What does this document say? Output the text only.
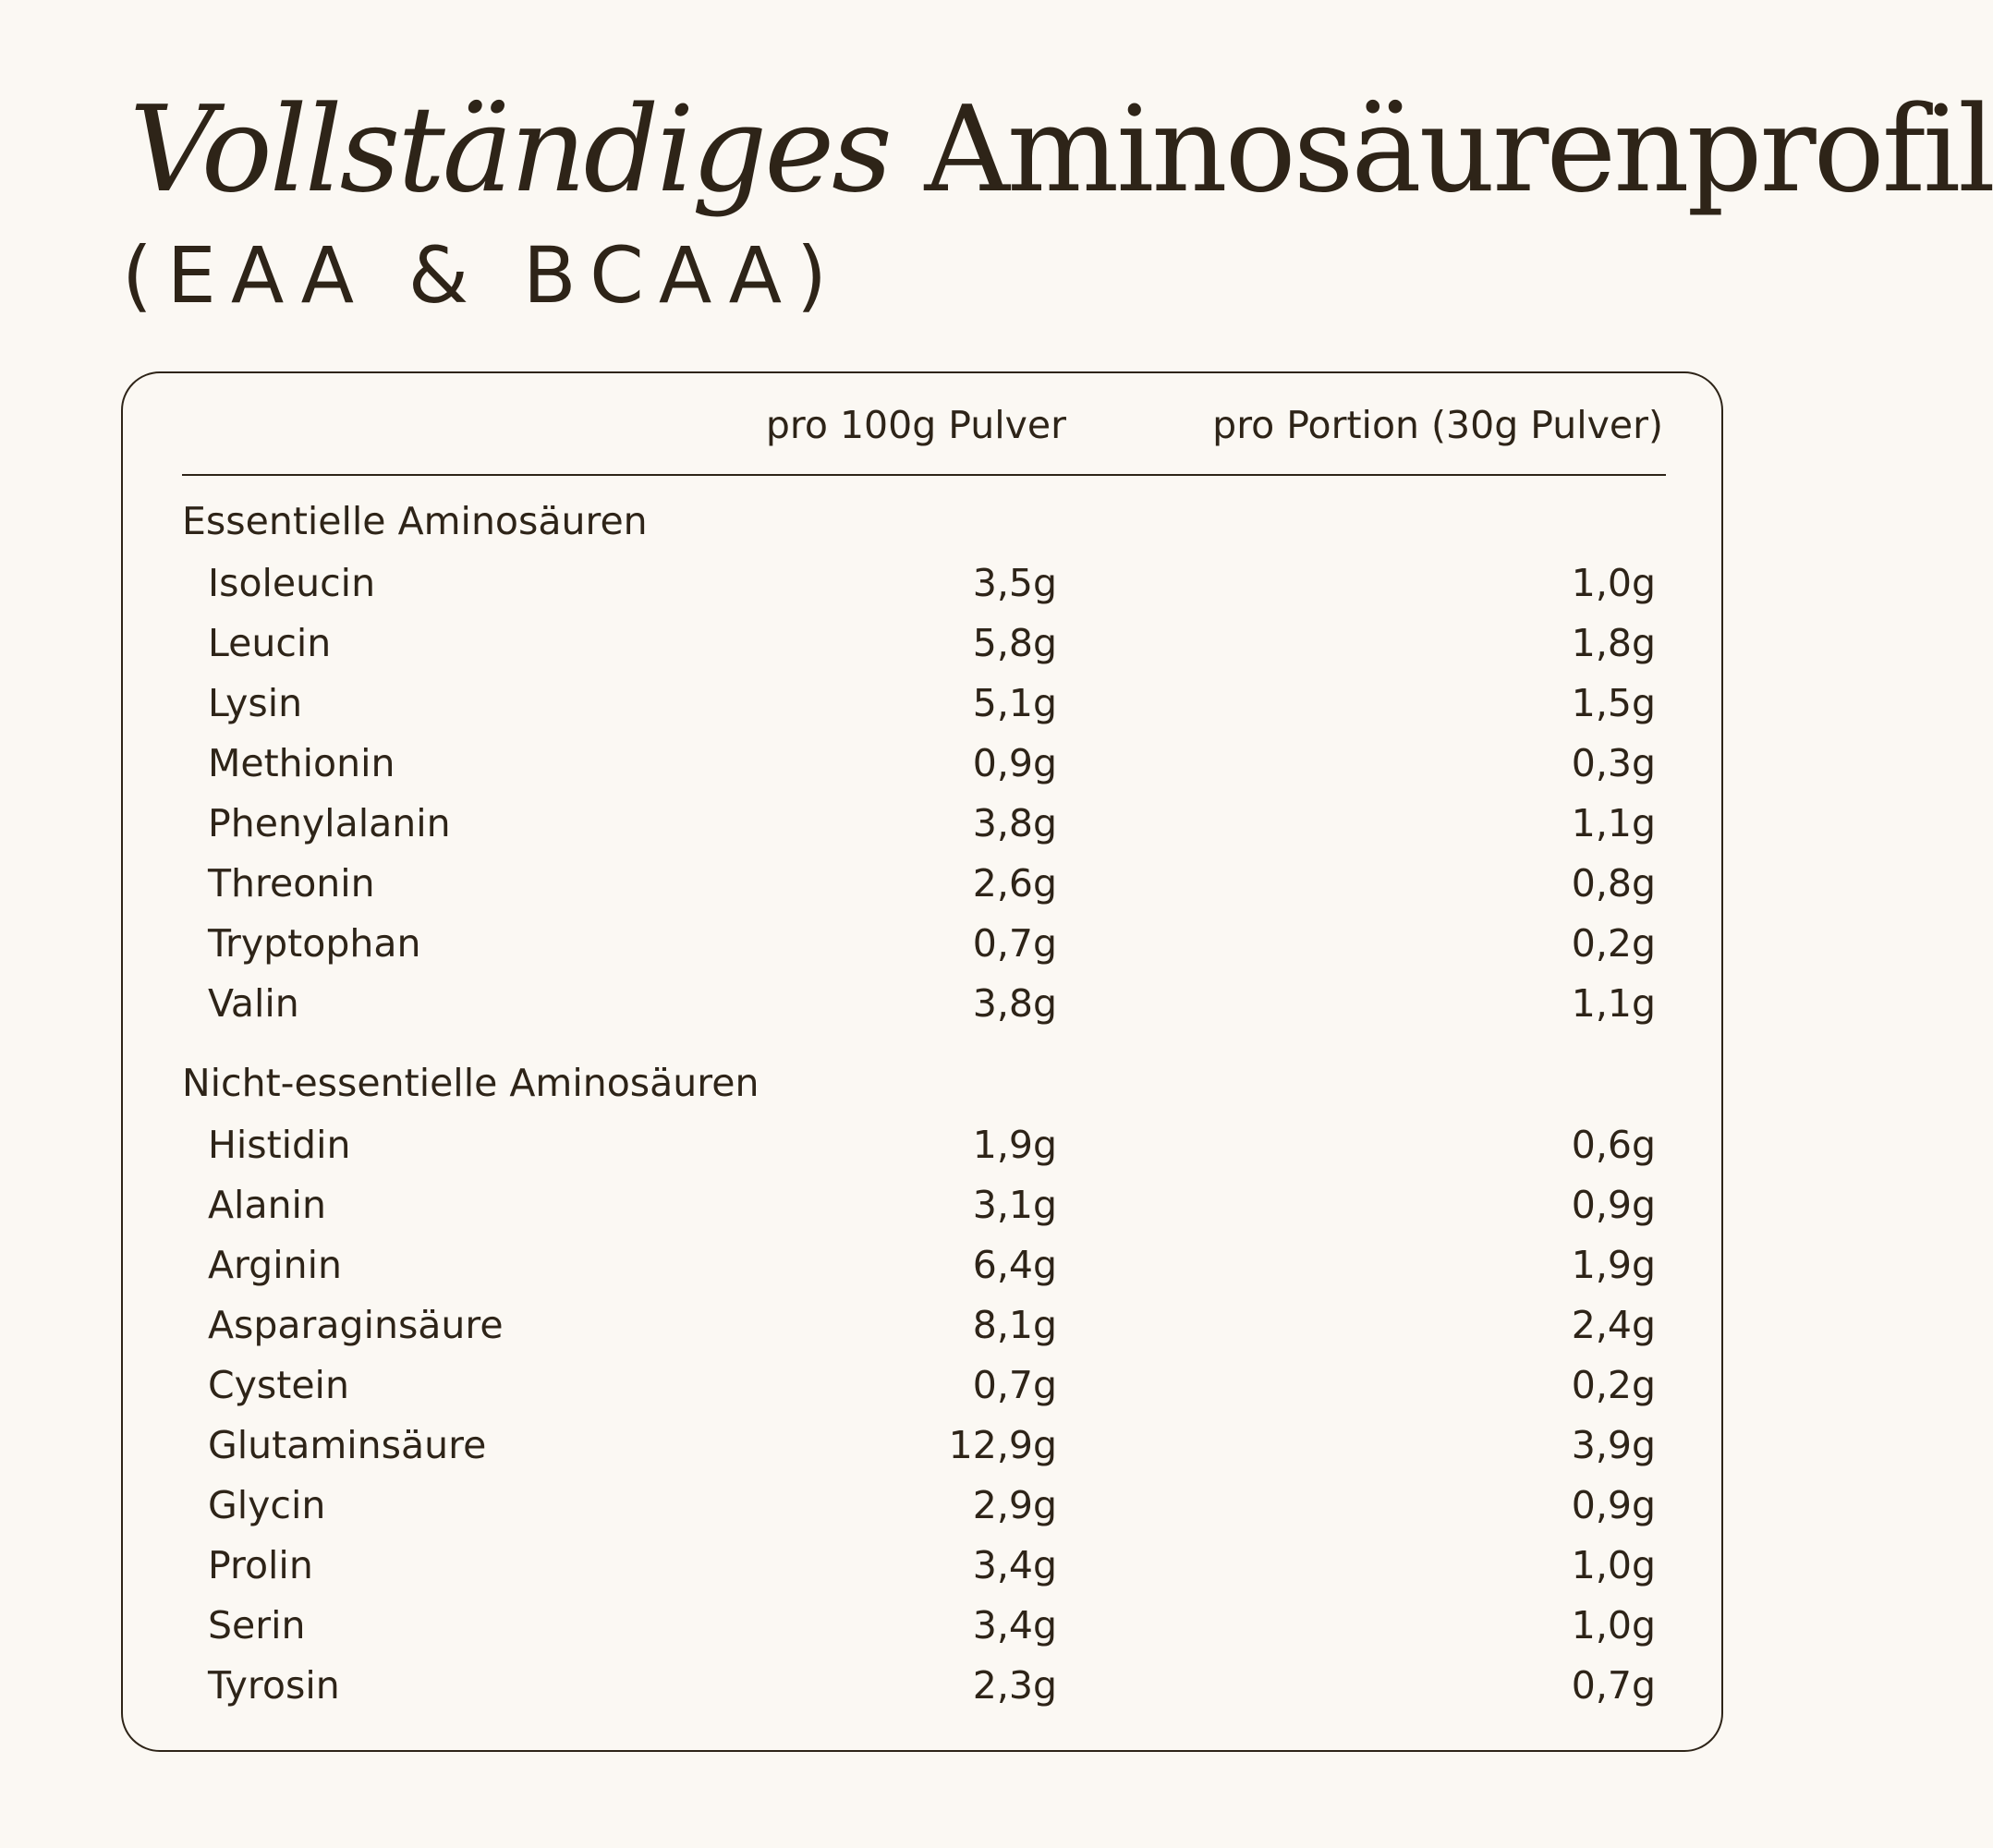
Vollständiges Aminosäurenprofil
(EAA & BCAA)
pro 100g Pulver	pro Portion (30g Pulver)
Essentielle Aminosäuren
Isoleucin	3,5g	1,0g
Leucin	5,8g	1,8g
Lysin	5,1g	1,5g
Methionin	0,9g	0,3g
Phenylalanin	3,8g	1,1g
Threonin	2,6g	0,8g
Tryptophan	0,7g	0,2g
Valin	3,8g	1,1g
Nicht-essentielle Aminosäuren
Histidin	1,9g	0,6g
Alanin	3,1g	0,9g
Arginin	6,4g	1,9g
Asparaginsäure	8,1g	2,4g
Cystein	0,7g	0,2g
Glutaminsäure	12,9g	3,9g
Glycin	2,9g	0,9g
Prolin	3,4g	1,0g
Serin	3,4g	1,0g
Tyrosin	2,3g	0,7g
